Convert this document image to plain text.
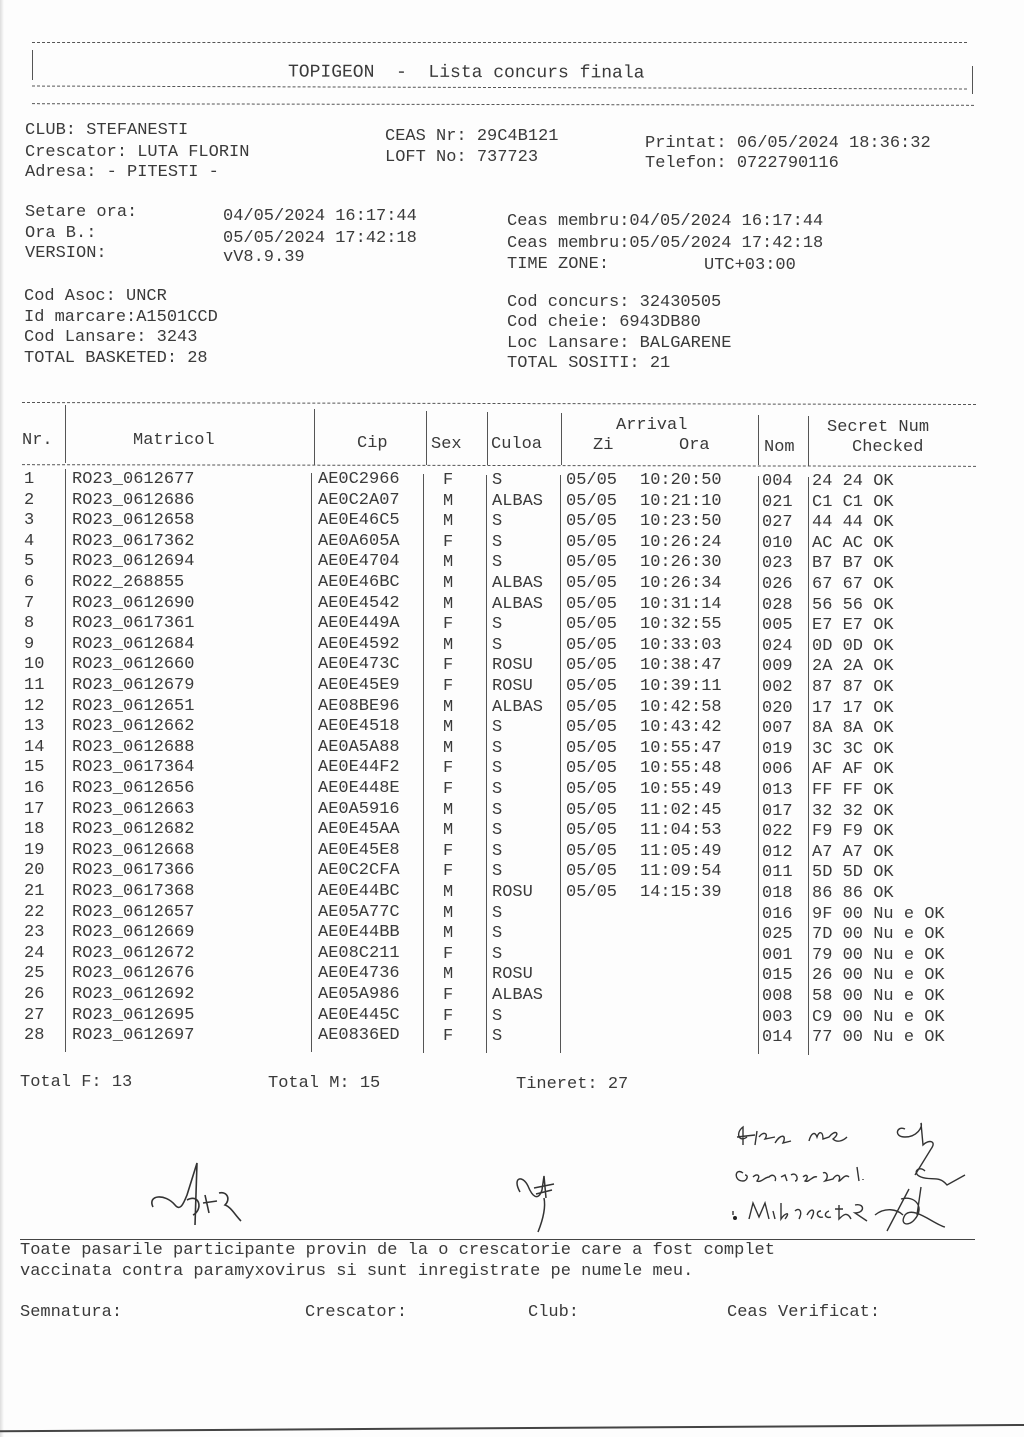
TOPIGEON  -  Lista concurs finala
CLUB: STEFANESTI
Crescator: LUTA FLORIN
Adresa: - PITESTI -
CEAS Nr: 29C4B121
LOFT No: 737723
Printat: 06/05/2024 18:36:32
Telefon: 0722790116
Setare ora:	04/05/2024 16:17:44
Ora B.:	05/05/2024 17:42:18
VERSION:	vV8.9.39
Ceas membru:04/05/2024 16:17:44
Ceas membru:05/05/2024 17:42:18
TIME ZONE:	UTC+03:00
Cod Asoc: UNCR
Id marcare:A1501CCD
Cod Lansare: 3243
TOTAL BASKETED: 28
Cod concurs: 32430505
Cod cheie: 6943DB80
Loc Lansare: BALGARENE
TOTAL SOSITI: 21
Nr.	Matricol	Cip	Sex Culoa
Arrival
Zi	Ora	Nom
Secret Num
Checked
1 RO23_0612677	AE0C2966	F S	05/05 10:20:50 004 24 24 OK
2 RO23_0612686	AE0C2A07	M ALBAS 05/05 10:21:10 021 C1 C1 OK
3 RO23_0612658	AE0E46C5	M S	05/05 10:23:50 027 44 44 OK
4 RO23_0617362	AE0A605A	F S	05/05 10:26:24 010 AC AC OK
5 RO23_0612694	AE0E4704	M S	05/05 10:26:30 023 B7 B7 OK
6 RO22_268855	AE0E46BC	M ALBAS 05/05 10:26:34 026 67 67 OK
7 RO23_0612690	AE0E4542	M ALBAS 05/05 10:31:14 028 56 56 OK
8 RO23_0617361	AE0E449A	F S	05/05 10:32:55 005 E7 E7 OK
9 RO23_0612684	AE0E4592	M S	05/05 10:33:03 024 0D 0D OK
10 RO23_0612660	AE0E473C	F ROSU 05/05 10:38:47 009 2A 2A OK
11 RO23_0612679	AE0E45E9	F ROSU 05/05 10:39:11 002 87 87 OK
12 RO23_0612651	AE08BE96	M ALBAS 05/05 10:42:58 020 17 17 OK
13 RO23_0612662	AE0E4518	M S	05/05 10:43:42 007 8A 8A OK
14 RO23_0612688	AE0A5A88	M S	05/05 10:55:47 019 3C 3C OK
15 RO23_0617364	AE0E44F2	F S	05/05 10:55:48 006 AF AF OK
16 RO23_0612656	AE0E448E	F S	05/05 10:55:49 013 FF FF OK
17 RO23_0612663	AE0A5916	M S	05/05 11:02:45 017 32 32 OK
18 RO23_0612682	AE0E45AA	M S	05/05 11:04:53 022 F9 F9 OK
19 RO23_0612668	AE0E45E8	F S	05/05 11:05:49 012 A7 A7 OK
20 RO23_0617366	AE0C2CFA	F S	05/05 11:09:54 011 5D 5D OK
21 RO23_0617368	AE0E44BC	M ROSU 05/05 14:15:39 018 86 86 OK
22 RO23_0612657	AE05A77C	M S	016 9F 00 Nu e OK
23 RO23_0612669	AE0E44BB	M S	025 7D 00 Nu e OK
24 RO23_0612672	AE08C211	F S	001 79 00 Nu e OK
25 RO23_0612676	AE0E4736	M ROSU	015 26 00 Nu e OK
26 RO23_0612692	AE05A986	F ALBAS	008 58 00 Nu e OK
27 RO23_0612695	AE0E445C	F S	003 C9 00 Nu e OK
28 RO23_0612697	AE0836ED	F S	014 77 00 Nu e OK
Total F: 13	Total M: 15	Tineret: 27
Toate pasarile participante provin de la o crescatorie care a fost complet
vaccinata contra paramyxovirus si sunt inregistrate pe numele meu.
Semnatura:	Crescator:	Club:	Ceas Verificat:
